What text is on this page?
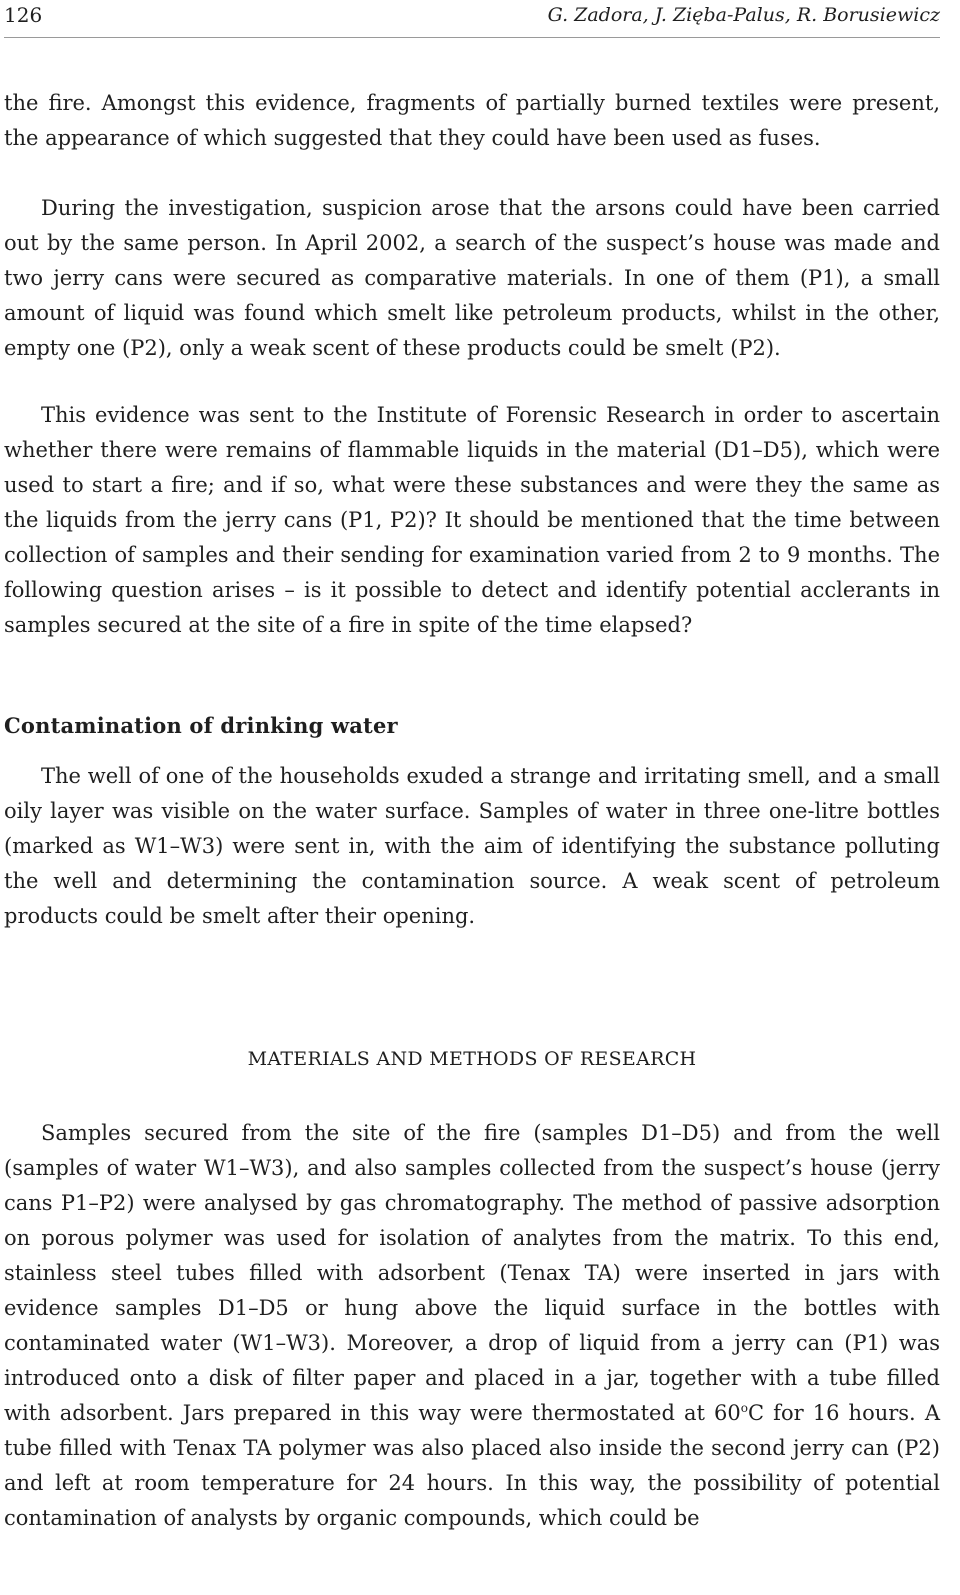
126	G. Zadora, J. Zięba-Palus, R. Borusiewicz

the fire. Amongst this evidence, fragments of partially burned textiles were present, the appearance of which suggested that they could have been used as fuses.

During the investigation, suspicion arose that the arsons could have been carried out by the same person. In April 2002, a search of the suspect’s house was made and two jerry cans were secured as comparative materials. In one of them (P1), a small amount of liquid was found which smelt like petroleum products, whilst in the other, empty one (P2), only a weak scent of these products could be smelt (P2).

This evidence was sent to the Institute of Forensic Research in order to ascertain whether there were remains of flammable liquids in the material (D1–D5), which were used to start a fire; and if so, what were these substances and were they the same as the liquids from the jerry cans (P1, P2)? It should be mentioned that the time between collection of samples and their sending for examination varied from 2 to 9 months. The following question arises – is it possible to detect and identify potential acclerants in samples secured at the site of a fire in spite of the time elapsed?

Contamination of drinking water

The well of one of the households exuded a strange and irritating smell, and a small oily layer was visible on the water surface. Samples of water in three one-litre bottles (marked as W1–W3) were sent in, with the aim of identifying the substance polluting the well and determining the contamination source. A weak scent of petroleum products could be smelt after their opening.

MATERIALS AND METHODS OF RESEARCH

Samples secured from the site of the fire (samples D1–D5) and from the well (samples of water W1–W3), and also samples collected from the suspect’s house (jerry cans P1–P2) were analysed by gas chromatography. The method of passive adsorption on porous polymer was used for isolation of analytes from the matrix. To this end, stainless steel tubes filled with adsorbent (Tenax TA) were inserted in jars with evidence samples D1–D5 or hung above the liquid surface in the bottles with contaminated water (W1–W3). Moreover, a drop of liquid from a jerry can (P1) was introduced onto a disk of filter paper and placed in a jar, together with a tube filled with adsorbent. Jars prepared in this way were thermostated at 60$^o$C for 16 hours. A tube filled with Tenax TA polymer was also placed also inside the second jerry can (P2) and left at room temperature for 24 hours. In this way, the possibility of potential contamination of analysts by organic compounds, which could be
